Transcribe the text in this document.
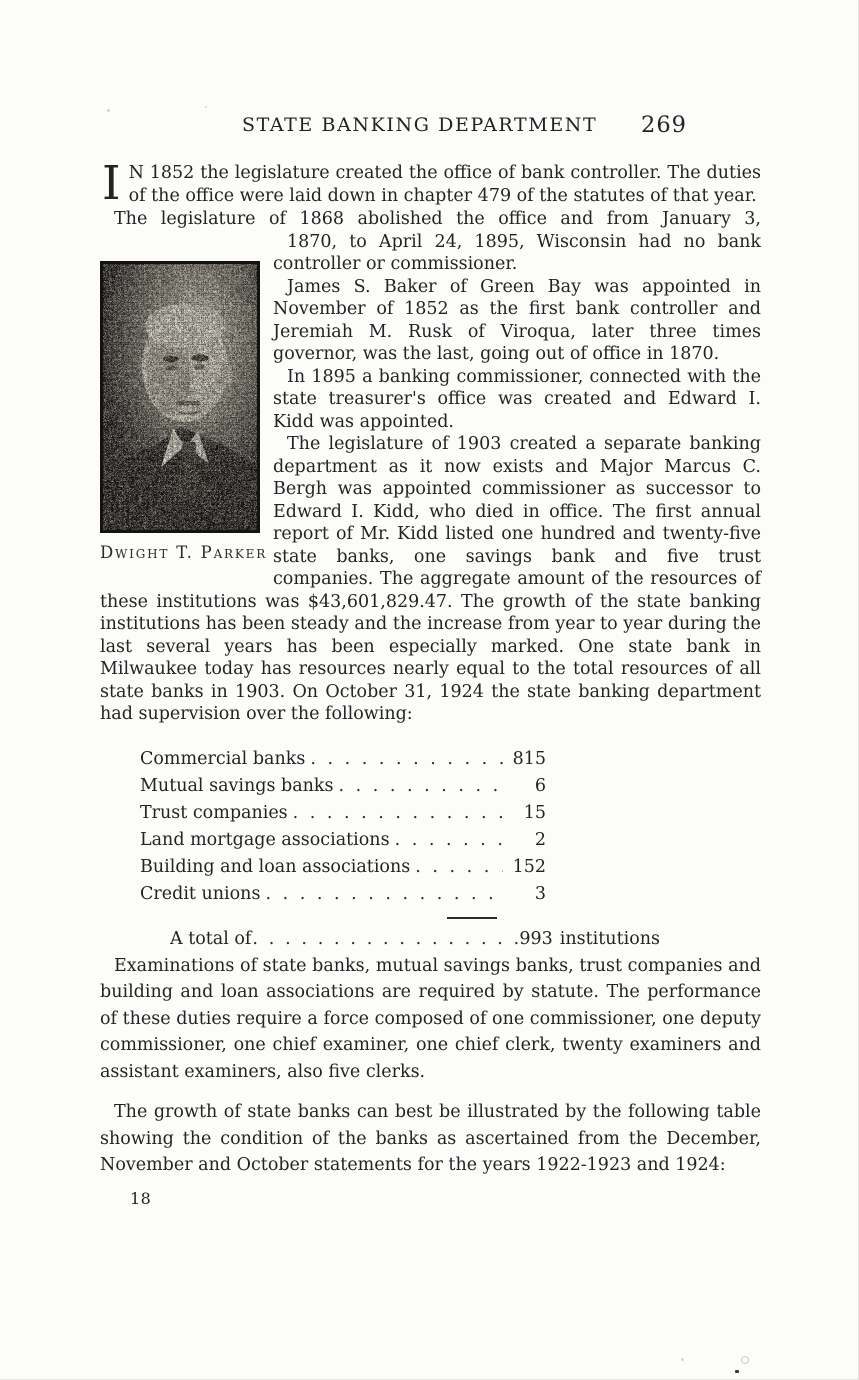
STATE BANKING DEPARTMENT 269

I N 1852 the legislature created the office of bank controller. The duties of the office were laid down in chapter 479 of the statutes of that year.

The legislature of 1868 abolished the office and from January 3,

Dwight T. Parker

1870, to April 24, 1895, Wisconsin had no bank controller or commissioner.

James S. Baker of Green Bay was appointed in November of 1852 as the first bank controller and Jeremiah M. Rusk of Viroqua, later three times governor, was the last, going out of office in 1870.

In 1895 a banking commissioner, connected with the state treasurer's office was created and Edward I. Kidd was appointed.

The legislature of 1903 created a separate banking department as it now exists and Major Marcus C. Bergh was appointed commissioner as successor to Edward I. Kidd, who died in office. The first annual report of Mr. Kidd listed one hundred and twenty-five state banks, one savings bank and five trust companies. The aggregate amount of the resources of these institutions was $43,601,829.47. The growth of the state banking institutions has been steady and the increase from year to year during the last several years has been especially marked. One state bank in Milwaukee today has resources nearly equal to the total resources of all state banks in 1903. On October 31, 1924 the state banking department had supervision over the following:

Commercial banks . . .	815
Mutual savings banks . . .	6
Trust companies . . .	15
Land mortgage associations . . .	2
Building and loan associations . . .	152
Credit unions . . .	3
A total of . . .	993 institutions

Examinations of state banks, mutual savings banks, trust companies and building and loan associations are required by statute. The performance of these duties require a force composed of one commissioner, one deputy commissioner, one chief examiner, one chief clerk, twenty examiners and assistant examiners, also five clerks.

The growth of state banks can best be illustrated by the following table showing the condition of the banks as ascertained from the December, November and October statements for the years 1922-1923 and 1924:

18
